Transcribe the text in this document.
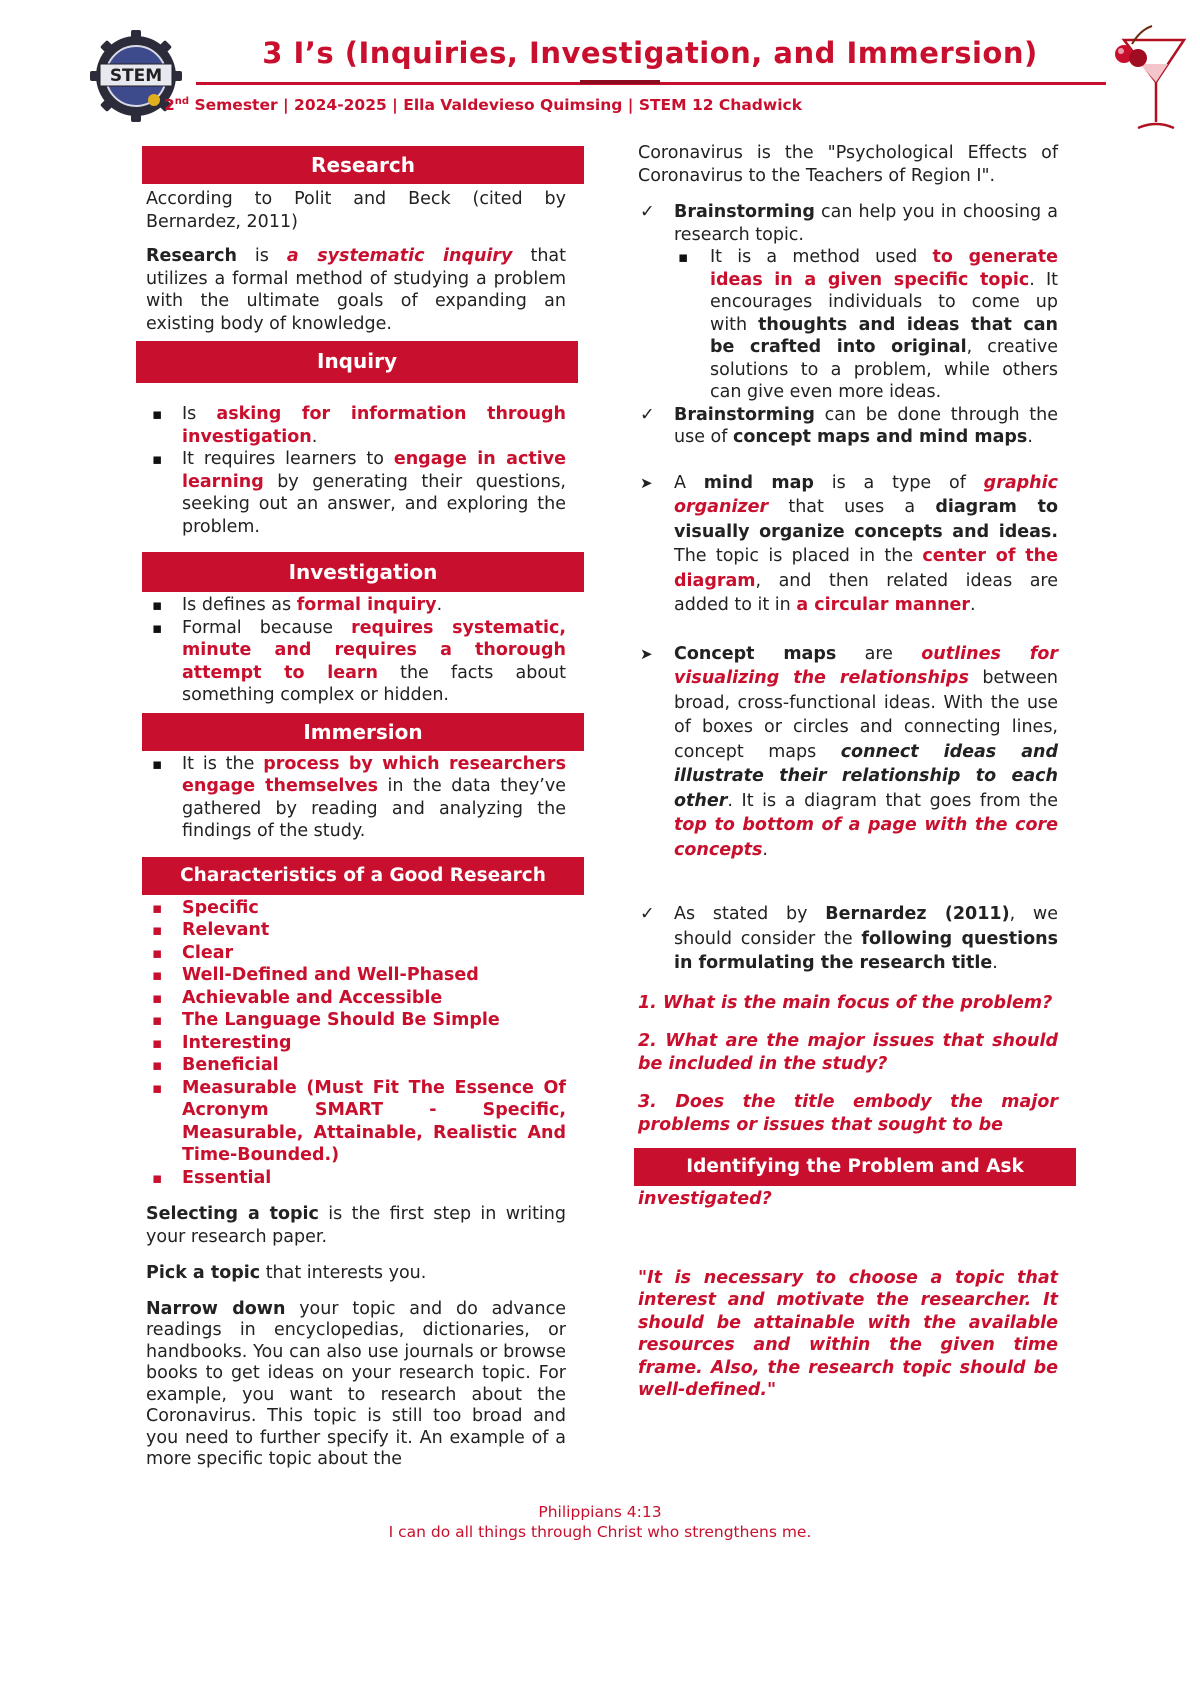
STEM
3 I’s (Inquiries, Investigation, and Immersion)
2nd Semester | 2024-2025 | Ella Valdevieso Quimsing | STEM 12 Chadwick
Research

According to Polit and Beck (cited by Bernardez, 2011)

Research is a systematic inquiry that utilizes a formal method of studying a problem with the ultimate goals of expanding an existing body of knowledge.

Inquiry
▪ Is asking for information through investigation.
▪ It requires learners to engage in active learning by generating their questions, seeking out an answer, and exploring the problem.
Investigation
▪ Is defines as formal inquiry.
▪ Formal because requires systematic, minute and requires a thorough attempt to learn the facts about something complex or hidden.
Immersion
▪ It is the process by which researchers engage themselves in the data they’ve gathered by reading and analyzing the findings of the study.
Characteristics of a Good Research
▪ Specific
▪ Relevant
▪ Clear
▪ Well-Defined and Well-Phased
▪ Achievable and Accessible
▪ The Language Should Be Simple
▪ Interesting
▪ Beneficial
▪ Measurable (Must Fit The Essence Of Acronym SMART - Specific, Measurable, Attainable, Realistic And Time-Bounded.)
▪ Essential

Selecting a topic is the first step in writing your research paper.

Pick a topic that interests you.

Narrow down your topic and do advance readings in encyclopedias, dictionaries, or handbooks. You can also use journals or browse books to get ideas on your research topic. For example, you want to research about the Coronavirus. This topic is still too broad and you need to further specify it. An example of a more specific topic about the

Coronavirus is the "Psychological Effects of Coronavirus to the Teachers of Region I".

✓ Brainstorming can help you in choosing a research topic.
▪ It is a method used to generate ideas in a given specific topic. It encourages individuals to come up with thoughts and ideas that can be crafted into original, creative solutions to a problem, while others can give even more ideas.
✓ Brainstorming can be done through the use of concept maps and mind maps.
➤ A mind map is a type of graphic organizer that uses a diagram to visually organize concepts and ideas. The topic is placed in the center of the diagram, and then related ideas are added to it in a circular manner.
➤ Concept maps are outlines for visualizing the relationships between broad, cross-functional ideas. With the use of boxes or circles and connecting lines, concept maps connect ideas and illustrate their relationship to each other. It is a diagram that goes from the top to bottom of a page with the core concepts.
✓ As stated by Bernardez (2011), we should consider the following questions in formulating the research title.

1. What is the main focus of the problem?

2. What are the major issues that should be included in the study?

3. Does the title embody the major problems or issues that sought to be

Identifying the Problem and Ask

investigated?

"It is necessary to choose a topic that interest and motivate the researcher. It should be attainable with the available resources and within the given time frame. Also, the research topic should be well-defined."

Philippians 4:13
I can do all things through Christ who strengthens me.
